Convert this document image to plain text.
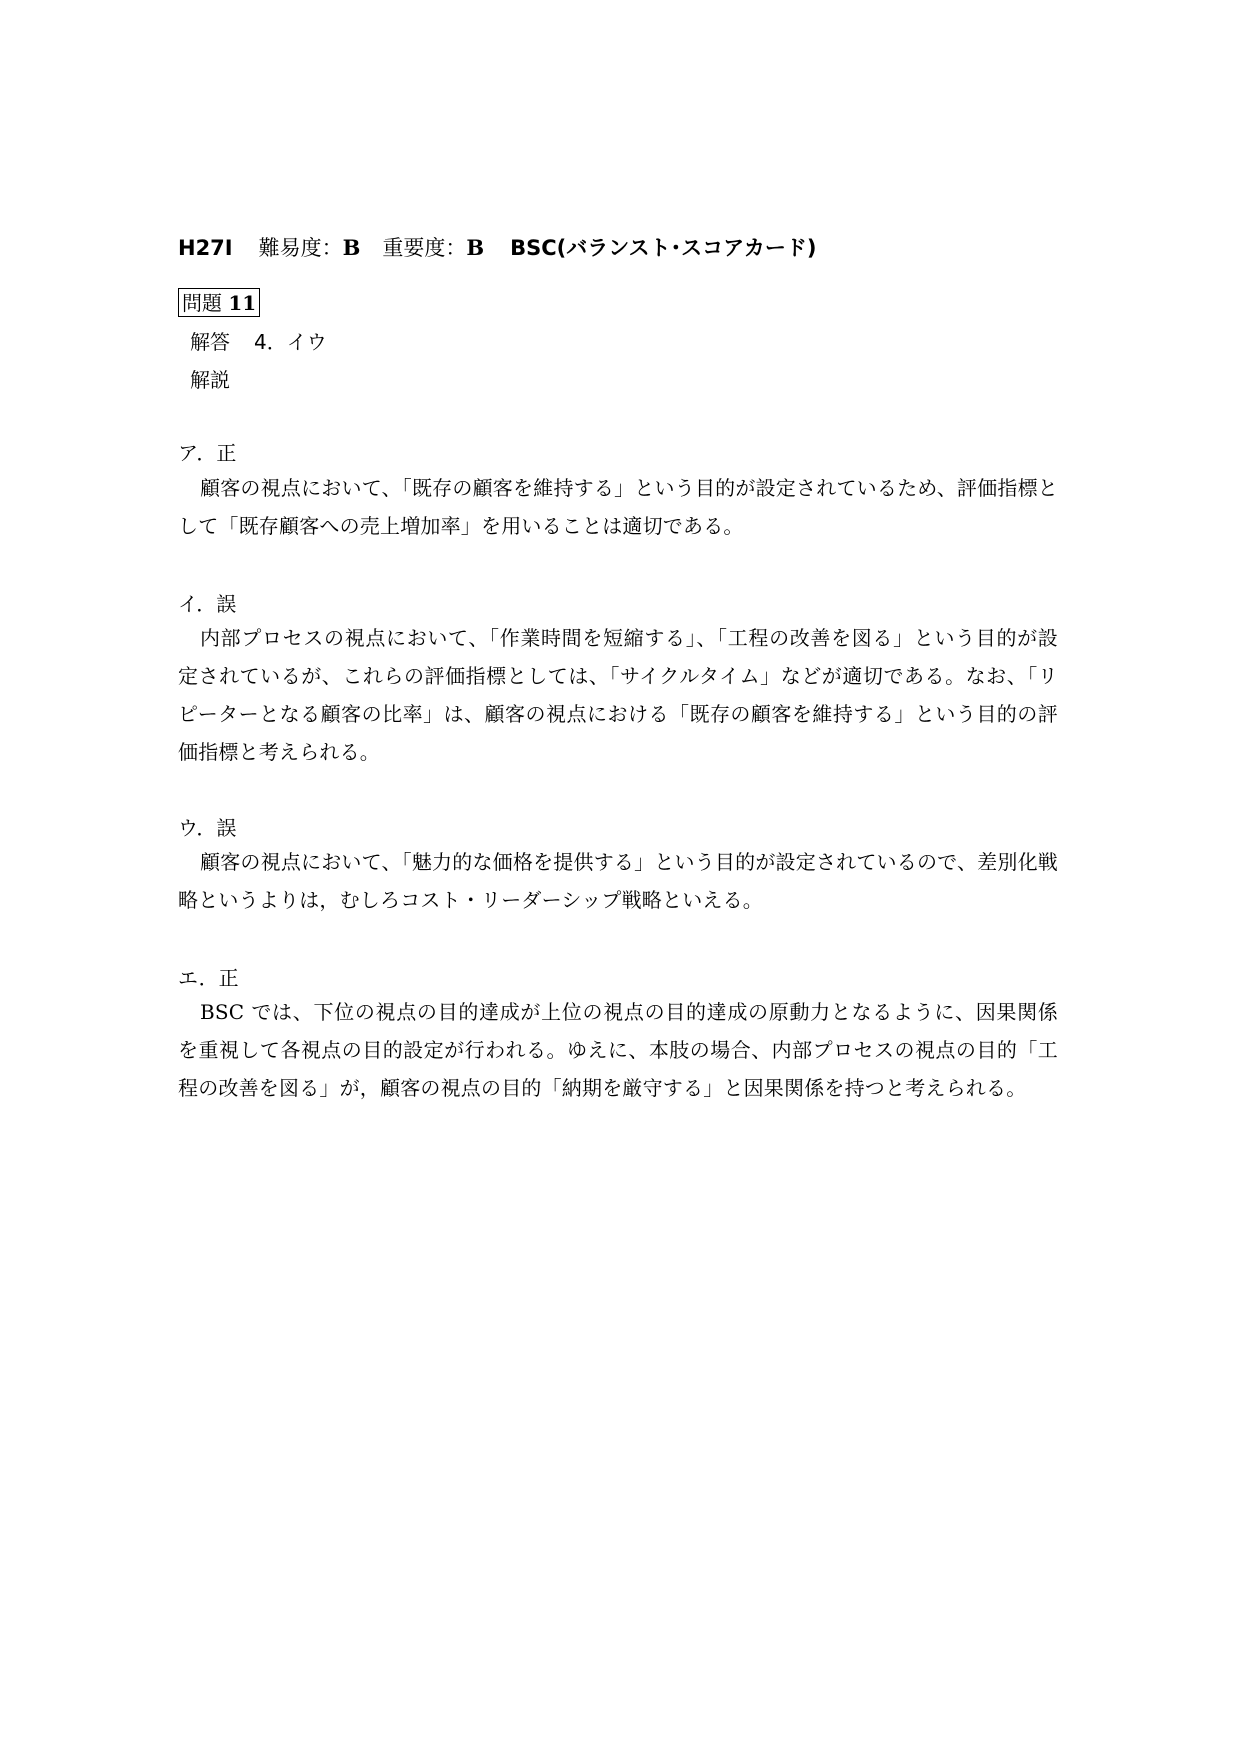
H27Ⅰ 難易度：B 重要度：B BSC(バランスト･スコアカード)
問題 11
解答 4．イウ
解説
ア．正
顧客の視点において、「既存の顧客を維持する」という目的が設定されているため、評価指標として「既存顧客への売上増加率」を用いることは適切である。
イ．誤
内部プロセスの視点において、「作業時間を短縮する」、「工程の改善を図る」という目的が設定されているが、これらの評価指標としては、「サイクルタイム」などが適切である。なお、「リピーターとなる顧客の比率」は、顧客の視点における「既存の顧客を維持する」という目的の評価指標と考えられる。
ウ．誤
顧客の視点において、「魅力的な価格を提供する」という目的が設定されているので、差別化戦略というよりは，むしろコスト・リーダーシップ戦略といえる。
エ．正
BSC では、下位の視点の目的達成が上位の視点の目的達成の原動力となるように、因果関係を重視して各視点の目的設定が行われる。ゆえに、本肢の場合、内部プロセスの視点の目的「工程の改善を図る」が，顧客の視点の目的「納期を厳守する」と因果関係を持つと考えられる。
